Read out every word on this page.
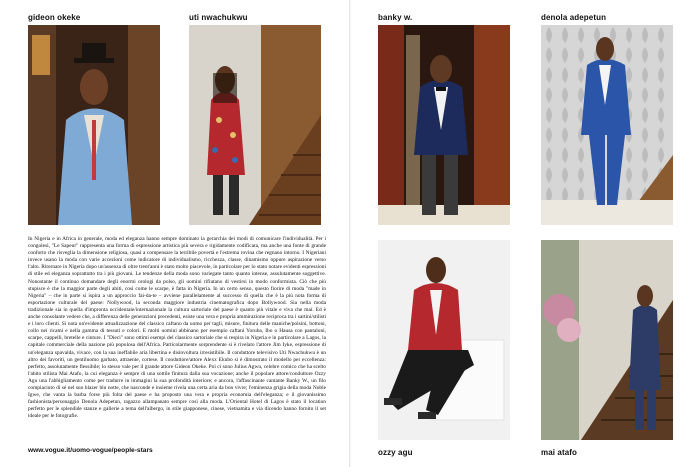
gideon okeke	uti nwachukwu	banky w.	denola adepetun
ozzy agu	mai atafo
In Nigeria e in Africa in generale, moda ed eleganza hanno sempre dominato la gerarchia dei modi di comunicare l'individualità. Per i congolesi, "Le Sapeur" rappresenta una forma di espressione artistica più severa e rigidamente codificata, ma anche una fonte di grande conforto che risveglia la dimensione religiosa, quasi a compensare la terribile povertà e l'estrema rovina che regnano intorno. I Nigeriani invece usano la moda con varie accezioni come indicatore di individualismo, ricchezza, classe, dinamismo oppure aspirazione verso l'alto. Ritornare in Nigeria dopo un'assenza di oltre trent'anni è stato molto piacevole, in particolare per lo stato notare evidenti espressioni di stile ed eleganza soprattutto tra i più giovani. Le tendenze della moda sono variegate tanto quanto intense, assolutamente soggettive. Nonostante il continuo domandare degli enormi orologi da polso, gli uomini rifiutano di vestirsi in modo conformista. Ciò che più stupisce è che la maggior parte degli abiti, così come le scarpe, è fatta in Nigeria. In un certo senso, questo fiorire di moda "made in Nigeria" – che in parte si ispira a un approccio fai-da-te – avviene parallelamente al successo di quella che è la più nota forma di esportazione culturale del paese: Nollywood, la seconda maggiore industria cinematografica dopo Bollywood. Sia nella moda tradizionale sia in quella d'impronta occidentale/internazionale la cultura sartoriale del paese è quanto più vitale e viva che mai. Ed è anche consolante vedere che, a differenza delle generazioni precedenti, esiste una vera e propria ammirazione reciproca tra i sartini/stilisti e i loro clienti. Si nota un'evidente attualizzazione del classico caftano da uomo per tagli, misure, finitura delle maniche/polsini, bottoni, collo nei ricami e nella gamma di tessuti e colori. E molti uomini abbinano per esempio caftani Yoruba, Ibo o Hausa con pantaloni, scarpe, cappelli, bretelle e cinture. I "Dieci" sono ottimi esempi del classico sartoriale che si respira in Nigeria e in particolare a Lagos, la capitale commerciale della nazione più popolosa dell'Africa. Particolarmente sorprendente si è rivelato l'attore Jim Iyke, espressione di un'eleganza spavalda, vivace, con la sua ineffabile aria libertina e disinvoltura irresistibile. Il conduttore televisivo Uti Nwachukwu è un altro dei favoriti, un gentiluomo garbato, attraente, cortese. Il conduttore/attore Alexx Ekubo si è dimostrato il modello per eccellenza: perfetto, assolutamente flessibile; lo stesso vale per il grande attore Gideon Okeke. Poi ci sono Julius Agwu, celebre comico che ha scelto l'abito stilista Mai Atafo, la cui eleganza è sempre di una sottile finitura dalla sua vocazione; anche il popolare attore/conduttore Ozzy Agu una l'abbigliamento come per tradurre in immagini la sua profondità interiore; e ancora, l'affascinante cantante Banky W., un filo compiaciuto di sé nel suo blazer blu notte, che nasconde e insieme rivela una certa aria da bon vivre; l'eminenza grigia della moda Noble Igwe, che vanta la barba forse più folta del paese e ha proposto una vera e propria economia dell'eleganza; e il giovanissimo fashionista/personaggio Denola Adepetun, ragazzo allampanato sempre così alla moda. L'Oriental Hotel di Lagos è stato il location perfetto per le splendide stanze e gallerie a tema dell'albergo, in stile giapponese, cinese, vietnamita e via dicendo hanno fornito il set ideale per le fotografie.
www.vogue.it/uomo-vogue/people-stars
